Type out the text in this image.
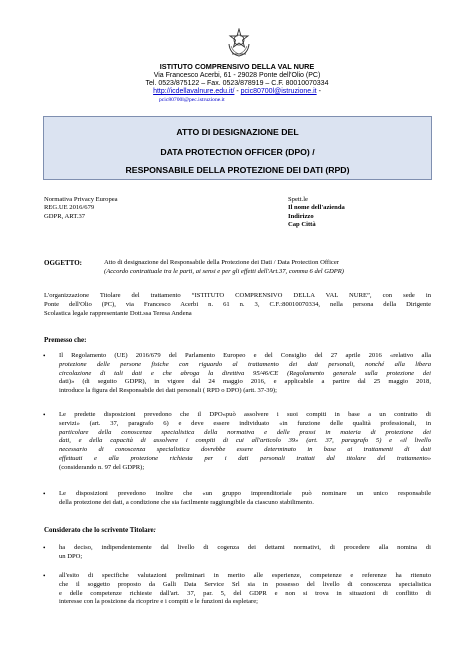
ISTITUTO COMPRENSIVO DELLA VAL NURE
Via Francesco Acerbi, 61 - 29028 Ponte dell'Olio (PC)
Tel. 0523/875122 – Fax. 0523/878919 – C.F. 80010070334
http://icdellavalnure.edu.it/ - pcic80700l@istruzione.it -
pcic80700l@pec.istruzione.it
ATTO DI DESIGNAZIONE DEL
DATA PROTECTION OFFICER (DPO) /
RESPONSABILE DELLA PROTEZIONE DEI DATI (RPD)
Normativa Privacy Europea
REG.UE 2016/679
GDPR, ART.37
Spett.le
Il nome dell'azienda
Indirizzo
Cap Città
OGGETTO:	Atto di designazione del Responsabile della Protezione dei Dati / Data Protection Officer
(Accordo contrattuale tra le parti, ai sensi e per gli effetti dell'Art.37, comma 6 del GDPR)
L'organizzazione Titolare del trattamento “ISTITUTO COMPRENSIVO DELLA VAL NURE”, con sede in
Ponte dell'Olio (PC), via Francesco Acerbi n. 61 n. 3, C.F.:80010070334, nella persona della Dirigente
Scolastica legale rappresentante Dott.ssa Teresa Andena
Premesso che:
• Il Regolamento (UE) 2016/679 del Parlamento Europeo e del Consiglio del 27 aprile 2016 «relativo alla
protezione delle persone fisiche con riguardo al trattamento dei dati personali, nonché alla libera
circolazione di tali dati e che abroga la direttiva 95/46/CE (Regolamento generale sulla protezione dei
dati)» (di seguito GDPR), in vigore dal 24 maggio 2016, e applicabile a partire dal 25 maggio 2018,
introduce la figura del Responsabile dei dati personali ( RPD o DPO) (artt. 37-39);
• Le predette disposizioni prevedono che il DPO«può assolvere i suoi compiti in base a un contratto di
servizi» (art. 37, paragrafo 6) e deve essere individuato «in funzione delle qualità professionali, in
particolare della conoscenza specialistica della normativa e delle prassi in materia di protezione dei
dati, e della capacità di assolvere i compiti di cui all'articolo 39» (art. 37, paragrafo 5) e «il livello
necessario di conoscenza specialistica dovrebbe essere determinato in base ai trattamenti di dati
effettuati e alla protezione richiesta per i dati personali trattati dal titolare del trattamento»
(considerando n. 97 del GDPR);
• Le disposizioni prevedono inoltre che «un gruppo imprenditoriale può nominare un unico responsabile
della protezione dei dati, a condizione che sia facilmente raggiungibile da ciascuno stabilimento.
Considerato che lo scrivente Titolare:
• ha deciso, indipendentemente dal livello di cogenza dei dettami normativi, di procedere alla nomina di
un DPO;
• all'esito di specifiche valutazioni preliminari in merito alle esperienze, competenze e referenze ha ritenuto
che il soggetto proposto da Galli Data Service Srl sia in possesso del livello di conoscenza specialistica
e delle competenze richieste dall'art. 37, par. 5, del GDPR e non si trova in situazioni di conflitto di
interesse con la posizione da ricoprire e i compiti e le funzioni da espletare;
